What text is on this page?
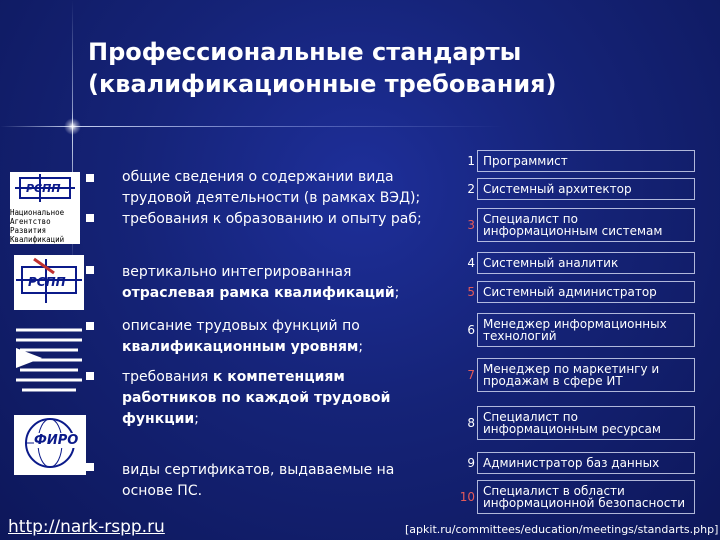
Профессиональные стандарты
(квалификационные требования)
РСПП
Национальное
Агентство
Развития
Квалификаций
РСПП
ФИРО
общие сведения о содержании вида трудовой деятельности (в рамках ВЭД);
требования к образованию и опыту раб;
вертикально интегрированная отраслевая рамка квалификаций;
описание трудовых функций по квалификационным уровням;
требования к компетенциям работников по каждой трудовой функции;
виды сертификатов, выдаваемые на основе ПС.
1 Программист
2 Системный архитектор
3 Специалист по информационным системам
4 Системный аналитик
5 Системный администратор
6 Менеджер информационных технологий
7 Менеджер по маркетингу и продажам в сфере ИТ
8 Специалист по информационным ресурсам
9 Администратор баз данных
10 Специалист в области информационной безопасности
http://nark-rspp.ru	[apkit.ru/committees/education/meetings/standarts.php]
